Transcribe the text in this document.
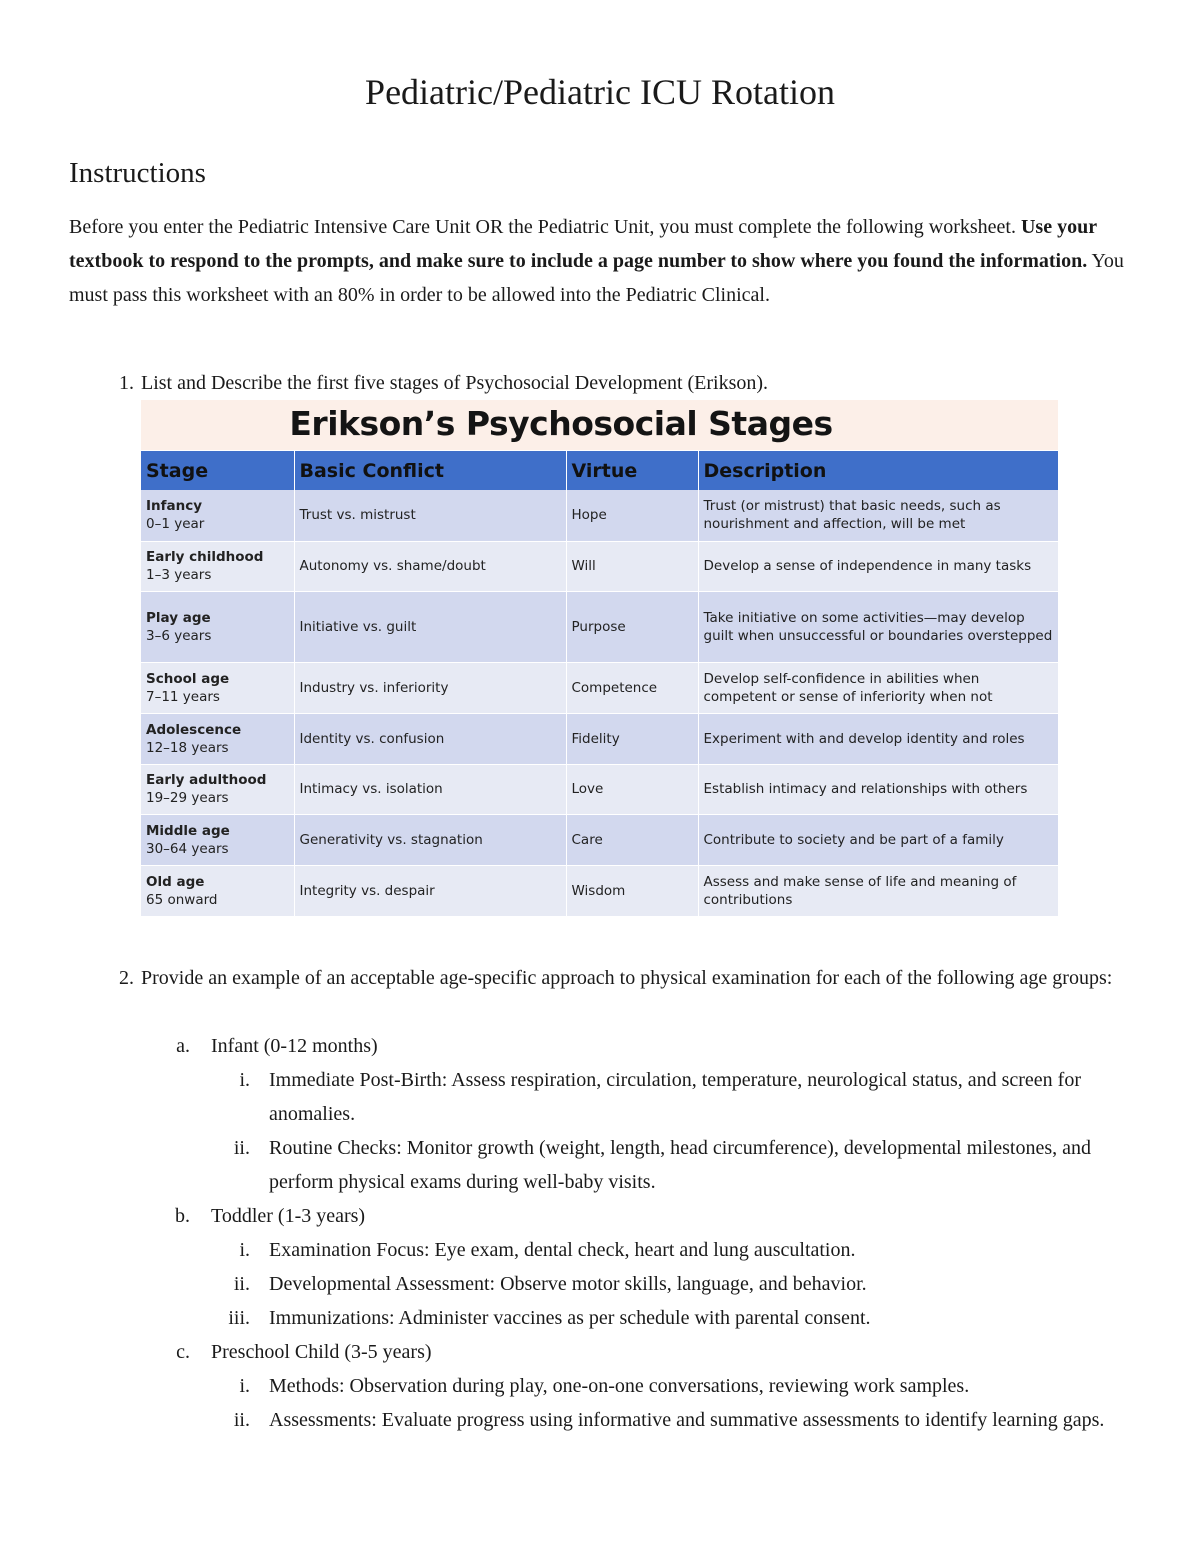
Pediatric/Pediatric ICU Rotation
Instructions

Before you enter the Pediatric Intensive Care Unit OR the Pediatric Unit, you must complete the following worksheet. Use your textbook to respond to the prompts, and make sure to include a page number to show where you found the information. You must pass this worksheet with an 80% in order to be allowed into the Pediatric Clinical.

1. List and Describe the first five stages of Psychosocial Development (Erikson).
Erikson’s Psychosocial Stages
Stage	Basic Conflict	Virtue	Description

Infancy
0–1 year	Trust vs. mistrust	Hope	Trust (or mistrust) that basic needs, such as nourishment and affection, will be met

Early childhood
1–3 years	Autonomy vs. shame/doubt	Will	Develop a sense of independence in many tasks

Play age
3–6 years	Initiative vs. guilt	Purpose	Take initiative on some activities—may develop guilt when unsuccessful or boundaries overstepped

School age
7–11 years	Industry vs. inferiority	Competence	Develop self-confidence in abilities when competent or sense of inferiority when not

Adolescence
12–18 years	Identity vs. confusion	Fidelity	Experiment with and develop identity and roles

Early adulthood
19–29 years	Intimacy vs. isolation	Love	Establish intimacy and relationships with others

Middle age
30–64 years	Generativity vs. stagnation	Care	Contribute to society and be part of a family

Old age
65 onward	Integrity vs. despair	Wisdom	Assess and make sense of life and meaning of contributions
2. Provide an example of an acceptable age-specific approach to physical examination for each of the following age groups:
a. Infant (0-12 months)
i. Immediate Post-Birth: Assess respiration, circulation, temperature, neurological status, and screen for anomalies.
ii. Routine Checks: Monitor growth (weight, length, head circumference), developmental milestones, and perform physical exams during well-baby visits.
b. Toddler (1-3 years)
i. Examination Focus: Eye exam, dental check, heart and lung auscultation.
ii. Developmental Assessment: Observe motor skills, language, and behavior.
iii. Immunizations: Administer vaccines as per schedule with parental consent.
c. Preschool Child (3-5 years)
i. Methods: Observation during play, one-on-one conversations, reviewing work samples.
ii. Assessments: Evaluate progress using informative and summative assessments to identify learning gaps.
